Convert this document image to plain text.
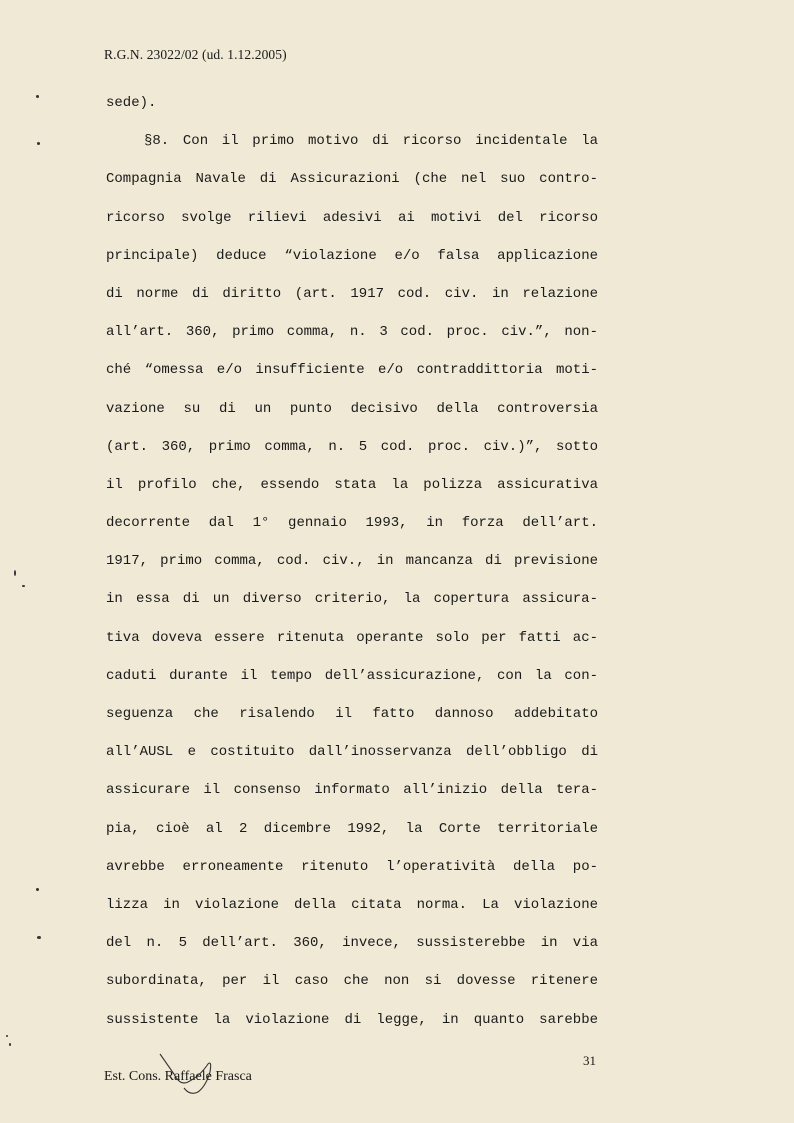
R.G.N. 23022/02 (ud. 1.12.2005)
sede).
§8. Con il primo motivo di ricorso incidentale la
Compagnia Navale di Assicurazioni (che nel suo contro-
ricorso svolge rilievi adesivi ai motivi del ricorso
principale) deduce “violazione e/o falsa applicazione
di norme di diritto (art. 1917 cod. civ. in relazione
all’art. 360, primo comma, n. 3 cod. proc. civ.”, non-
ché “omessa e/o insufficiente e/o contraddittoria moti-
vazione su di un punto decisivo della controversia
(art. 360, primo comma, n. 5 cod. proc. civ.)”, sotto
il profilo che, essendo stata la polizza assicurativa
decorrente dal 1° gennaio 1993, in forza dell’art.
1917, primo comma, cod. civ., in mancanza di previsione
in essa di un diverso criterio, la copertura assicura-
tiva doveva essere ritenuta operante solo per fatti ac-
caduti durante il tempo dell’assicurazione, con la con-
seguenza che risalendo il fatto dannoso addebitato
all’AUSL e costituito dall’inosservanza dell’obbligo di
assicurare il consenso informato all’inizio della tera-
pia, cioè al 2 dicembre 1992, la Corte territoriale
avrebbe erroneamente ritenuto l’operatività della po-
lizza in violazione della citata norma. La violazione
del n. 5 dell’art. 360, invece, sussisterebbe in via
subordinata, per il caso che non si dovesse ritenere
sussistente la violazione di legge, in quanto sarebbe
31
Est. Cons. Raffaele Frasca
